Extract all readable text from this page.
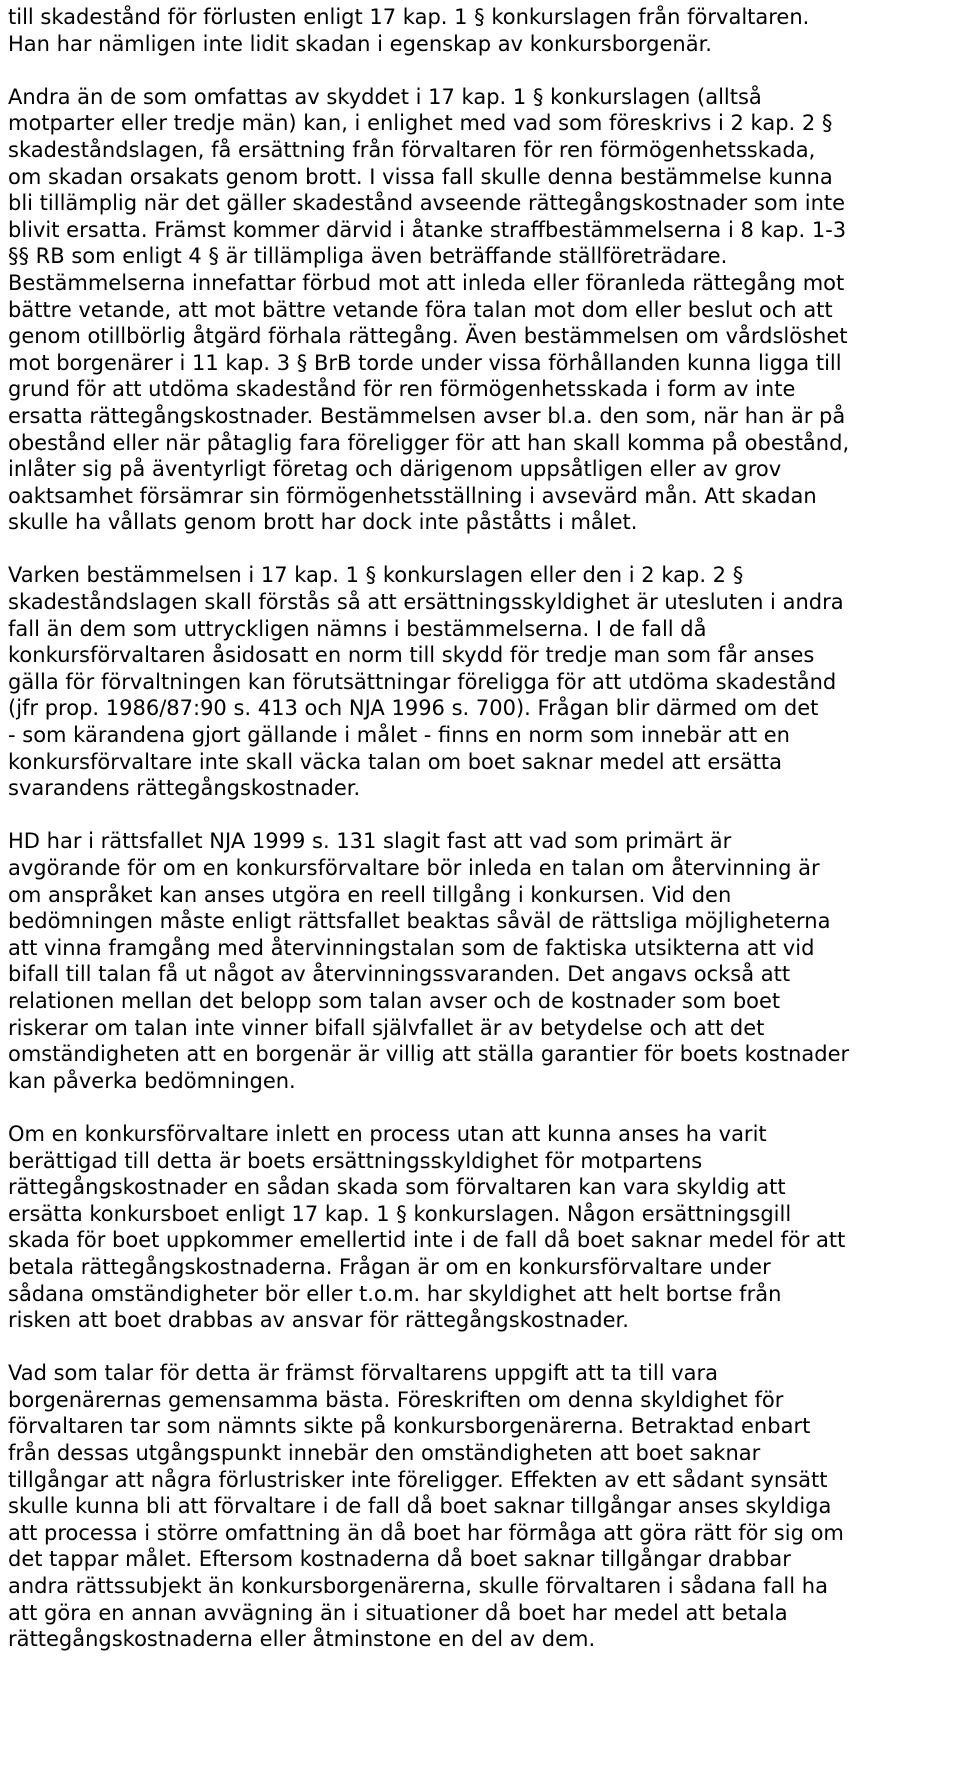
till skadestånd för förlusten enligt 17 kap. 1 § konkurslagen från förvaltaren.
Han har nämligen inte lidit skadan i egenskap av konkursborgenär.

Andra än de som omfattas av skyddet i 17 kap. 1 § konkurslagen (alltså
motparter eller tredje män) kan, i enlighet med vad som föreskrivs i 2 kap. 2 §
skadeståndslagen, få ersättning från förvaltaren för ren förmögenhetsskada,
om skadan orsakats genom brott. I vissa fall skulle denna bestämmelse kunna
bli tillämplig när det gäller skadestånd avseende rättegångskostnader som inte
blivit ersatta. Främst kommer därvid i åtanke straffbestämmelserna i 8 kap. 1-3
§§ RB som enligt 4 § är tillämpliga även beträffande ställföreträdare.
Bestämmelserna innefattar förbud mot att inleda eller föranleda rättegång mot
bättre vetande, att mot bättre vetande föra talan mot dom eller beslut och att
genom otillbörlig åtgärd förhala rättegång. Även bestämmelsen om vårdslöshet
mot borgenärer i 11 kap. 3 § BrB torde under vissa förhållanden kunna ligga till
grund för att utdöma skadestånd för ren förmögenhetsskada i form av inte
ersatta rättegångskostnader. Bestämmelsen avser bl.a. den som, när han är på
obestånd eller när påtaglig fara föreligger för att han skall komma på obestånd,
inlåter sig på äventyrligt företag och därigenom uppsåtligen eller av grov
oaktsamhet försämrar sin förmögenhetsställning i avsevärd mån. Att skadan
skulle ha vållats genom brott har dock inte påståtts i målet.

Varken bestämmelsen i 17 kap. 1 § konkurslagen eller den i 2 kap. 2 §
skadeståndslagen skall förstås så att ersättningsskyldighet är utesluten i andra
fall än dem som uttryckligen nämns i bestämmelserna. I de fall då
konkursförvaltaren åsidosatt en norm till skydd för tredje man som får anses
gälla för förvaltningen kan förutsättningar föreligga för att utdöma skadestånd
(jfr prop. 1986/87:90 s. 413 och NJA 1996 s. 700). Frågan blir därmed om det
- som kärandena gjort gällande i målet - finns en norm som innebär att en
konkursförvaltare inte skall väcka talan om boet saknar medel att ersätta
svarandens rättegångskostnader.

HD har i rättsfallet NJA 1999 s. 131 slagit fast att vad som primärt är
avgörande för om en konkursförvaltare bör inleda en talan om återvinning är
om anspråket kan anses utgöra en reell tillgång i konkursen. Vid den
bedömningen måste enligt rättsfallet beaktas såväl de rättsliga möjligheterna
att vinna framgång med återvinningstalan som de faktiska utsikterna att vid
bifall till talan få ut något av återvinningssvaranden. Det angavs också att
relationen mellan det belopp som talan avser och de kostnader som boet
riskerar om talan inte vinner bifall självfallet är av betydelse och att det
omständigheten att en borgenär är villig att ställa garantier för boets kostnader
kan påverka bedömningen.

Om en konkursförvaltare inlett en process utan att kunna anses ha varit
berättigad till detta är boets ersättningsskyldighet för motpartens
rättegångskostnader en sådan skada som förvaltaren kan vara skyldig att
ersätta konkursboet enligt 17 kap. 1 § konkurslagen. Någon ersättningsgill
skada för boet uppkommer emellertid inte i de fall då boet saknar medel för att
betala rättegångskostnaderna. Frågan är om en konkursförvaltare under
sådana omständigheter bör eller t.o.m. har skyldighet att helt bortse från
risken att boet drabbas av ansvar för rättegångskostnader.

Vad som talar för detta är främst förvaltarens uppgift att ta till vara
borgenärernas gemensamma bästa. Föreskriften om denna skyldighet för
förvaltaren tar som nämnts sikte på konkursborgenärerna. Betraktad enbart
från dessas utgångspunkt innebär den omständigheten att boet saknar
tillgångar att några förlustrisker inte föreligger. Effekten av ett sådant synsätt
skulle kunna bli att förvaltare i de fall då boet saknar tillgångar anses skyldiga
att processa i större omfattning än då boet har förmåga att göra rätt för sig om
det tappar målet. Eftersom kostnaderna då boet saknar tillgångar drabbar
andra rättssubjekt än konkursborgenärerna, skulle förvaltaren i sådana fall ha
att göra en annan avvägning än i situationer då boet har medel att betala
rättegångskostnaderna eller åtminstone en del av dem.
